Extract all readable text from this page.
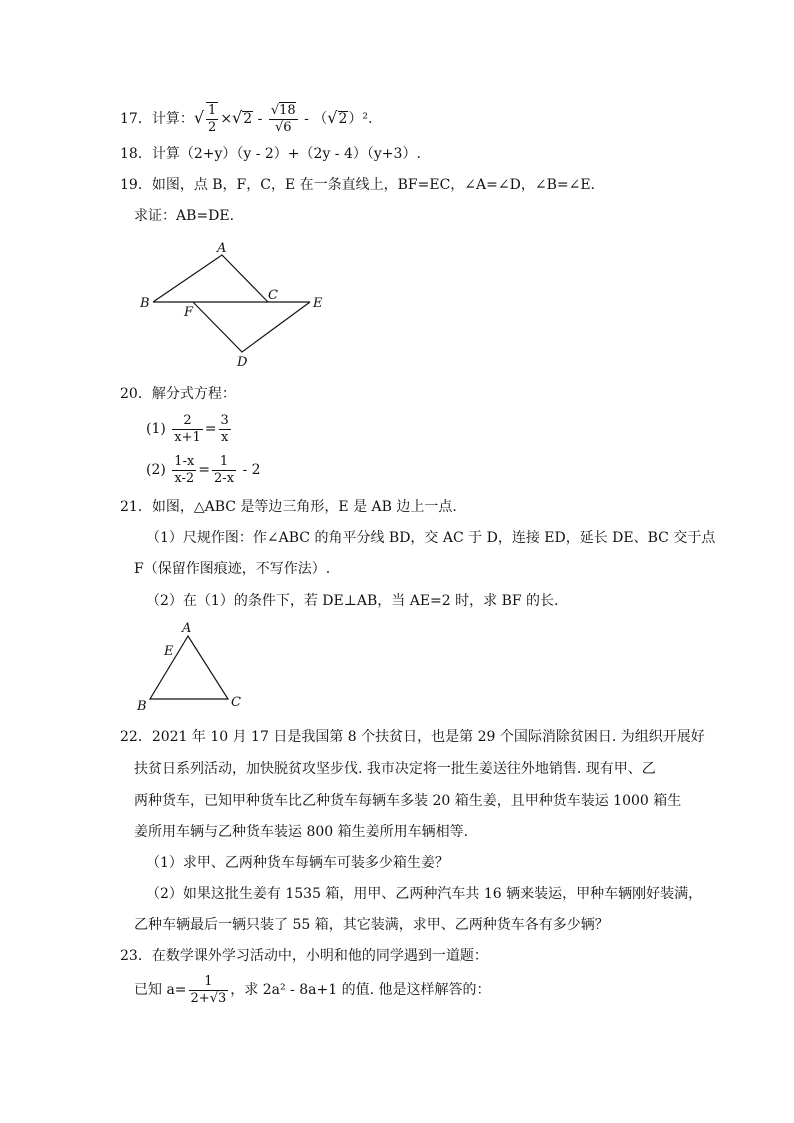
17．计算：√ $\frac{1}{2} \times√2 - \frac{√18}{√6} - (√2)^2$.
18．计算（2+y）（y - 2）+（2y - 4）（y+3）.
19．如图，点 B，F，C，E 在一条直线上，BF=EC，∠A=∠D，∠B=∠E.
求证：AB=DE.
A
B
C
E
F
D
20．解分式方程：
$(1) \frac{2}{x+1} = \frac{3}{x}$
$(2) \frac{1-x}{x-2} = \frac{1}{2-x} - 2$
21．如图，△ABC 是等边三角形，E 是 AB 边上一点.
（1）尺规作图：作∠ABC 的角平分线 BD，交 AC 于 D，连接 ED，延长 DE、BC 交于点
F（保留作图痕迹，不写作法）.
（2）在（1）的条件下，若 DE⊥AB，当 AE=2 时，求 BF 的长.
A
E
B	C
22．2021 年 10 月 17 日是我国第 8 个扶贫日，也是第 29 个国际消除贫困日. 为组织开展好
扶贫日系列活动，加快脱贫攻坚步伐. 我市决定将一批生姜送往外地销售. 现有甲、乙
两种货车，已知甲种货车比乙种货车每辆车多装 20 箱生姜，且甲种货车装运 1000 箱生
姜所用车辆与乙种货车装运 800 箱生姜所用车辆相等.
（1）求甲、乙两种货车每辆车可装多少箱生姜？
（2）如果这批生姜有 1535 箱，用甲、乙两种汽车共 16 辆来装运，甲种车辆刚好装满，
乙种车辆最后一辆只装了 55 箱，其它装满，求甲、乙两种货车各有多少辆？
23．在数学课外学习活动中，小明和他的同学遇到一道题：
已知 $a= \frac{1}{2+√3}$ ，求 2a² - 8a+1 的值. 他是这样解答的：
